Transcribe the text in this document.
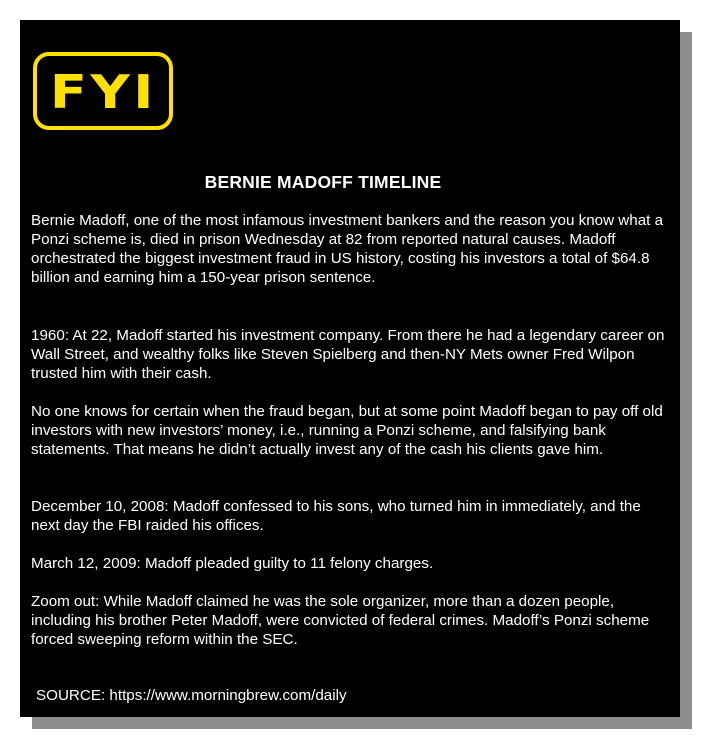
FYI
BERNIE MADOFF TIMELINE
Bernie Madoff, one of the most infamous investment bankers and the reason you know what a Ponzi scheme is, died in prison Wednesday at 82 from reported natural causes. Madoff orchestrated the biggest investment fraud in US history, costing his investors a total of $64.8 billion and earning him a 150-year prison sentence.
1960: At 22, Madoff started his investment company. From there he had a legendary career on Wall Street, and wealthy folks like Steven Spielberg and then-NY Mets owner Fred Wilpon trusted him with their cash.
No one knows for certain when the fraud began, but at some point Madoff began to pay off old investors with new investors’ money, i.e., running a Ponzi scheme, and falsifying bank statements. That means he didn’t actually invest any of the cash his clients gave him.
December 10, 2008: Madoff confessed to his sons, who turned him in immediately, and the next day the FBI raided his offices.
March 12, 2009: Madoff pleaded guilty to 11 felony charges.
Zoom out: While Madoff claimed he was the sole organizer, more than a dozen people, including his brother Peter Madoff, were convicted of federal crimes. Madoff’s Ponzi scheme forced sweeping reform within the SEC.
SOURCE: https://www.morningbrew.com/daily
